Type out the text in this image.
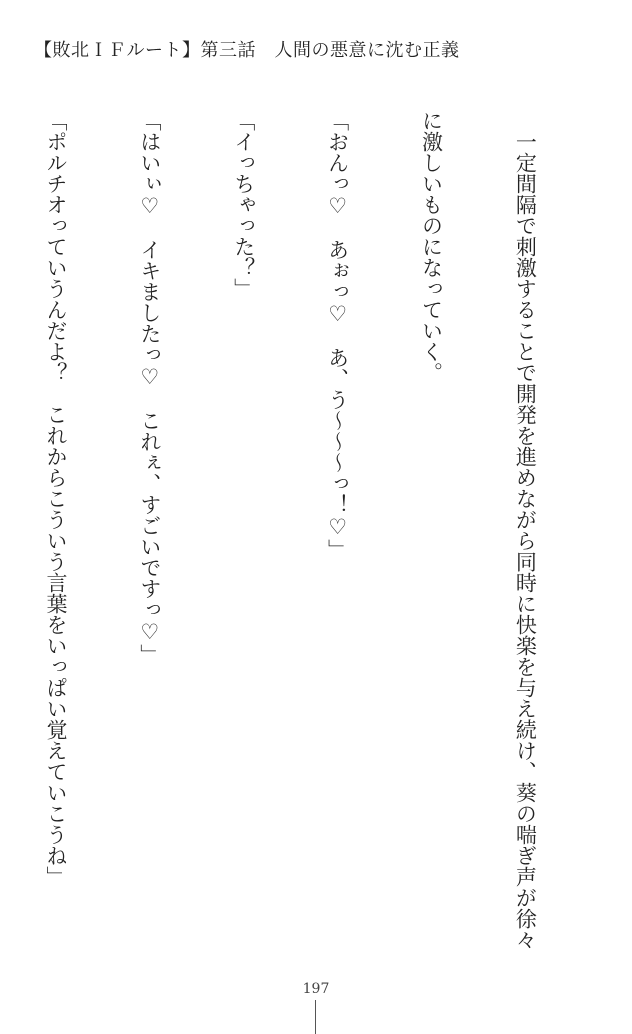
【敗北ＩＦルート】第三話　人間の悪意に沈む正義

　一定間隔で刺激することで開発を進めながら同時に快楽を与え続け、葵の喘ぎ声が徐々

に激しいものになっていく。

「おんっ♡　あぉっ♡　あ、う〜〜〜っ！♡」

「イっちゃった？」

「はいぃ♡　イキましたっ♡　これぇ、すごいですっ♡」

「ポルチオっていうんだよ？　これからこういう言葉をいっぱい覚えていこうね」

197
